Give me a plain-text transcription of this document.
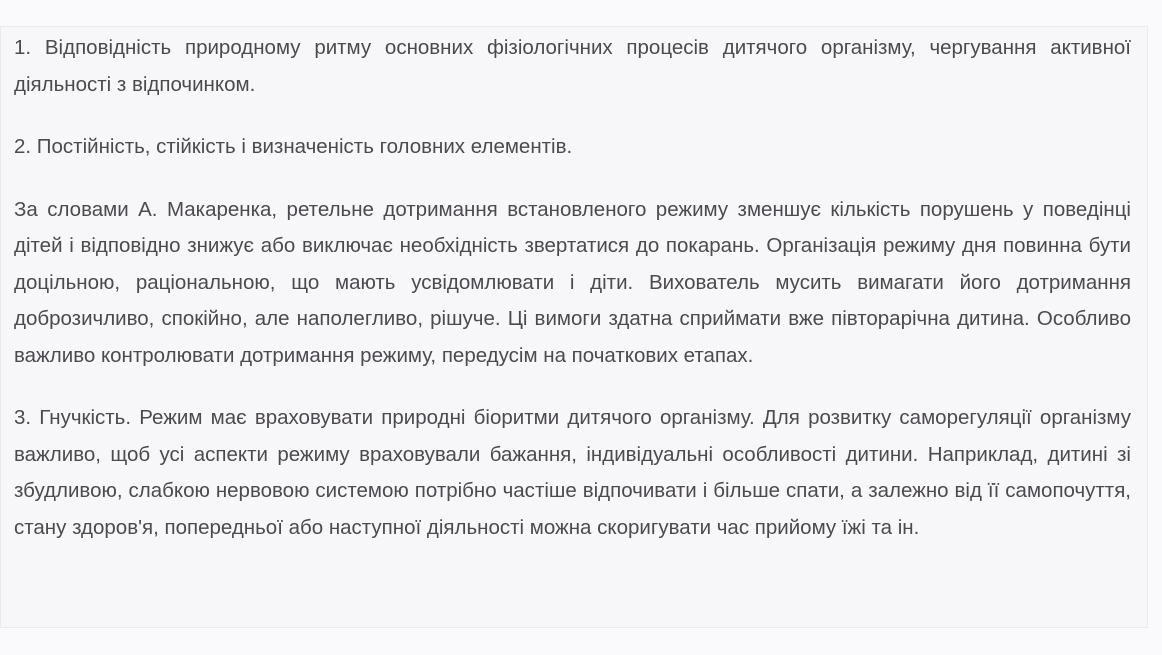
1. Відповідність природному ритму основних фізіологічних процесів дитячого організму, чергування активної діяльності з відпочинком.

2. Постійність, стійкість і визначеність головних елементів.

За словами А. Макаренка, ретельне дотримання встановленого режиму зменшує кількість порушень у поведінці дітей і відповідно знижує або виключає необхідність звертатися до покарань. Організація режиму дня повинна бути доцільною, раціональною, що мають усвідомлювати і діти. Вихователь мусить вимагати його дотримання доброзичливо, спокійно, але наполегливо, рішуче. Ці вимоги здатна сприймати вже півторарічна дитина. Особливо важливо контролювати дотримання режиму, передусім на початкових етапах.

3. Гнучкість. Режим має враховувати природні біоритми дитячого організму. Для розвитку саморегуляції організму важливо, щоб усі аспекти режиму враховували бажання, індивідуальні особливості дитини. Наприклад, дитині зі збудливою, слабкою нервовою системою потрібно частіше відпочивати і більше спати, а залежно від її самопочуття, стану здоров'я, попередньої або наступної діяльності можна скоригувати час прийому їжі та ін.
